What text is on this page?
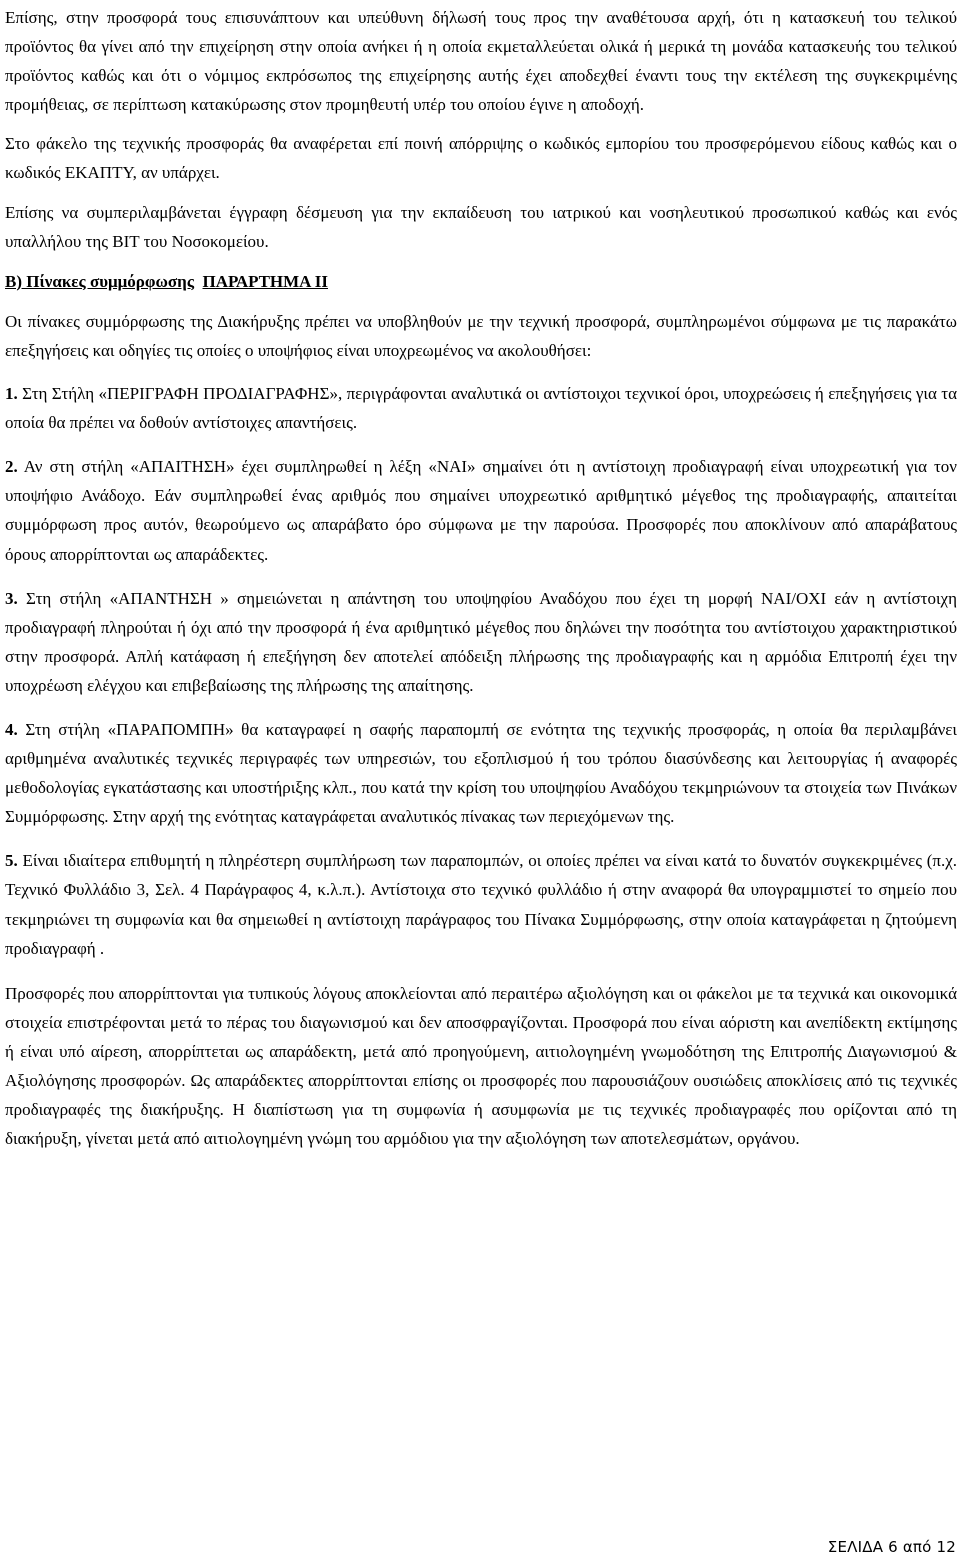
Επίσης, στην προσφορά τους επισυνάπτουν και υπεύθυνη δήλωσή τους προς την αναθέτουσα αρχή, ότι η κατασκευή του τελικού προϊόντος θα γίνει από την επιχείρηση στην οποία ανήκει ή η οποία εκμεταλλεύεται ολικά ή μερικά τη μονάδα κατασκευής του τελικού προϊόντος καθώς και ότι ο νόμιμος εκπρόσωπος της επιχείρησης αυτής έχει αποδεχθεί έναντι τους την εκτέλεση της συγκεκριμένης προμήθειας, σε περίπτωση κατακύρωσης στον προμηθευτή υπέρ του οποίου έγινε η αποδοχή.

Στο φάκελο της τεχνικής προσφοράς θα αναφέρεται επί ποινή απόρριψης ο κωδικός εμπορίου του προσφερόμενου είδους καθώς και ο κωδικός ΕΚΑΠΤΥ, αν υπάρχει.

Επίσης να συμπεριλαμβάνεται έγγραφη δέσμευση για την εκπαίδευση του ιατρικού και νοσηλευτικού προσωπικού καθώς και ενός υπαλλήλου της ΒΙΤ του Νοσοκομείου.

Β) Πίνακες συμμόρφωσης ΠΑΡΑΡΤΗΜΑ ΙΙ

Οι πίνακες συμμόρφωσης της Διακήρυξης πρέπει να υποβληθούν με την τεχνική προσφορά, συμπληρωμένοι σύμφωνα με τις παρακάτω επεξηγήσεις και οδηγίες τις οποίες ο υποψήφιος είναι υποχρεωμένος να ακολουθήσει:

1. Στη Στήλη «ΠΕΡΙΓΡΑΦΗ ΠΡΟΔΙΑΓΡΑΦΗΣ», περιγράφονται αναλυτικά οι αντίστοιχοι τεχνικοί όροι, υποχρεώσεις ή επεξηγήσεις για τα οποία θα πρέπει να δοθούν αντίστοιχες απαντήσεις.

2. Αν στη στήλη «ΑΠΑΙΤΗΣΗ» έχει συμπληρωθεί η λέξη «ΝΑΙ» σημαίνει ότι η αντίστοιχη προδιαγραφή είναι υποχρεωτική για τον υποψήφιο Ανάδοχο. Εάν συμπληρωθεί ένας αριθμός που σημαίνει υποχρεωτικό αριθμητικό μέγεθος της προδιαγραφής, απαιτείται συμμόρφωση προς αυτόν, θεωρούμενο ως απαράβατο όρο σύμφωνα με την παρούσα. Προσφορές που αποκλίνουν από απαράβατους όρους απορρίπτονται ως απαράδεκτες.

3. Στη στήλη «ΑΠΑΝΤΗΣΗ » σημειώνεται η απάντηση του υποψηφίου Αναδόχου που έχει τη μορφή ΝΑΙ/ΟΧΙ εάν η αντίστοιχη προδιαγραφή πληρούται ή όχι από την προσφορά ή ένα αριθμητικό μέγεθος που δηλώνει την ποσότητα του αντίστοιχου χαρακτηριστικού στην προσφορά. Απλή κατάφαση ή επεξήγηση δεν αποτελεί απόδειξη πλήρωσης της προδιαγραφής και η αρμόδια Επιτροπή έχει την υποχρέωση ελέγχου και επιβεβαίωσης της πλήρωσης της απαίτησης.

4. Στη στήλη «ΠΑΡΑΠΟΜΠΗ» θα καταγραφεί η σαφής παραπομπή σε ενότητα της τεχνικής προσφοράς, η οποία θα περιλαμβάνει αριθμημένα αναλυτικές τεχνικές περιγραφές των υπηρεσιών, του εξοπλισμού ή του τρόπου διασύνδεσης και λειτουργίας ή αναφορές μεθοδολογίας εγκατάστασης και υποστήριξης κλπ., που κατά την κρίση του υποψηφίου Αναδόχου τεκμηριώνουν τα στοιχεία των Πινάκων Συμμόρφωσης. Στην αρχή της ενότητας καταγράφεται αναλυτικός πίνακας των περιεχόμενων της.

5. Είναι ιδιαίτερα επιθυμητή η πληρέστερη συμπλήρωση των παραπομπών, οι οποίες πρέπει να είναι κατά το δυνατόν συγκεκριμένες (π.χ. Τεχνικό Φυλλάδιο 3, Σελ. 4 Παράγραφος 4, κ.λ.π.). Αντίστοιχα στο τεχνικό φυλλάδιο ή στην αναφορά θα υπογραμμιστεί το σημείο που τεκμηριώνει τη συμφωνία και θα σημειωθεί η αντίστοιχη παράγραφος του Πίνακα Συμμόρφωσης, στην οποία καταγράφεται η ζητούμενη προδιαγραφή .

Προσφορές που απορρίπτονται για τυπικούς λόγους αποκλείονται από περαιτέρω αξιολόγηση και οι φάκελοι με τα τεχνικά και οικονομικά στοιχεία επιστρέφονται μετά το πέρας του διαγωνισμού και δεν αποσφραγίζονται. Προσφορά που είναι αόριστη και ανεπίδεκτη εκτίμησης ή είναι υπό αίρεση, απορρίπτεται ως απαράδεκτη, μετά από προηγούμενη, αιτιολογημένη γνωμοδότηση της Επιτροπής Διαγωνισμού & Αξιολόγησης προσφορών. Ως απαράδεκτες απορρίπτονται επίσης οι προσφορές που παρουσιάζουν ουσιώδεις αποκλίσεις από τις τεχνικές προδιαγραφές της διακήρυξης. Η διαπίστωση για τη συμφωνία ή ασυμφωνία με τις τεχνικές προδιαγραφές που ορίζονται από τη διακήρυξη, γίνεται μετά από αιτιολογημένη γνώμη του αρμόδιου για την αξιολόγηση των αποτελεσμάτων, οργάνου.

ΣΕΛΙΔΑ 6 από 12
